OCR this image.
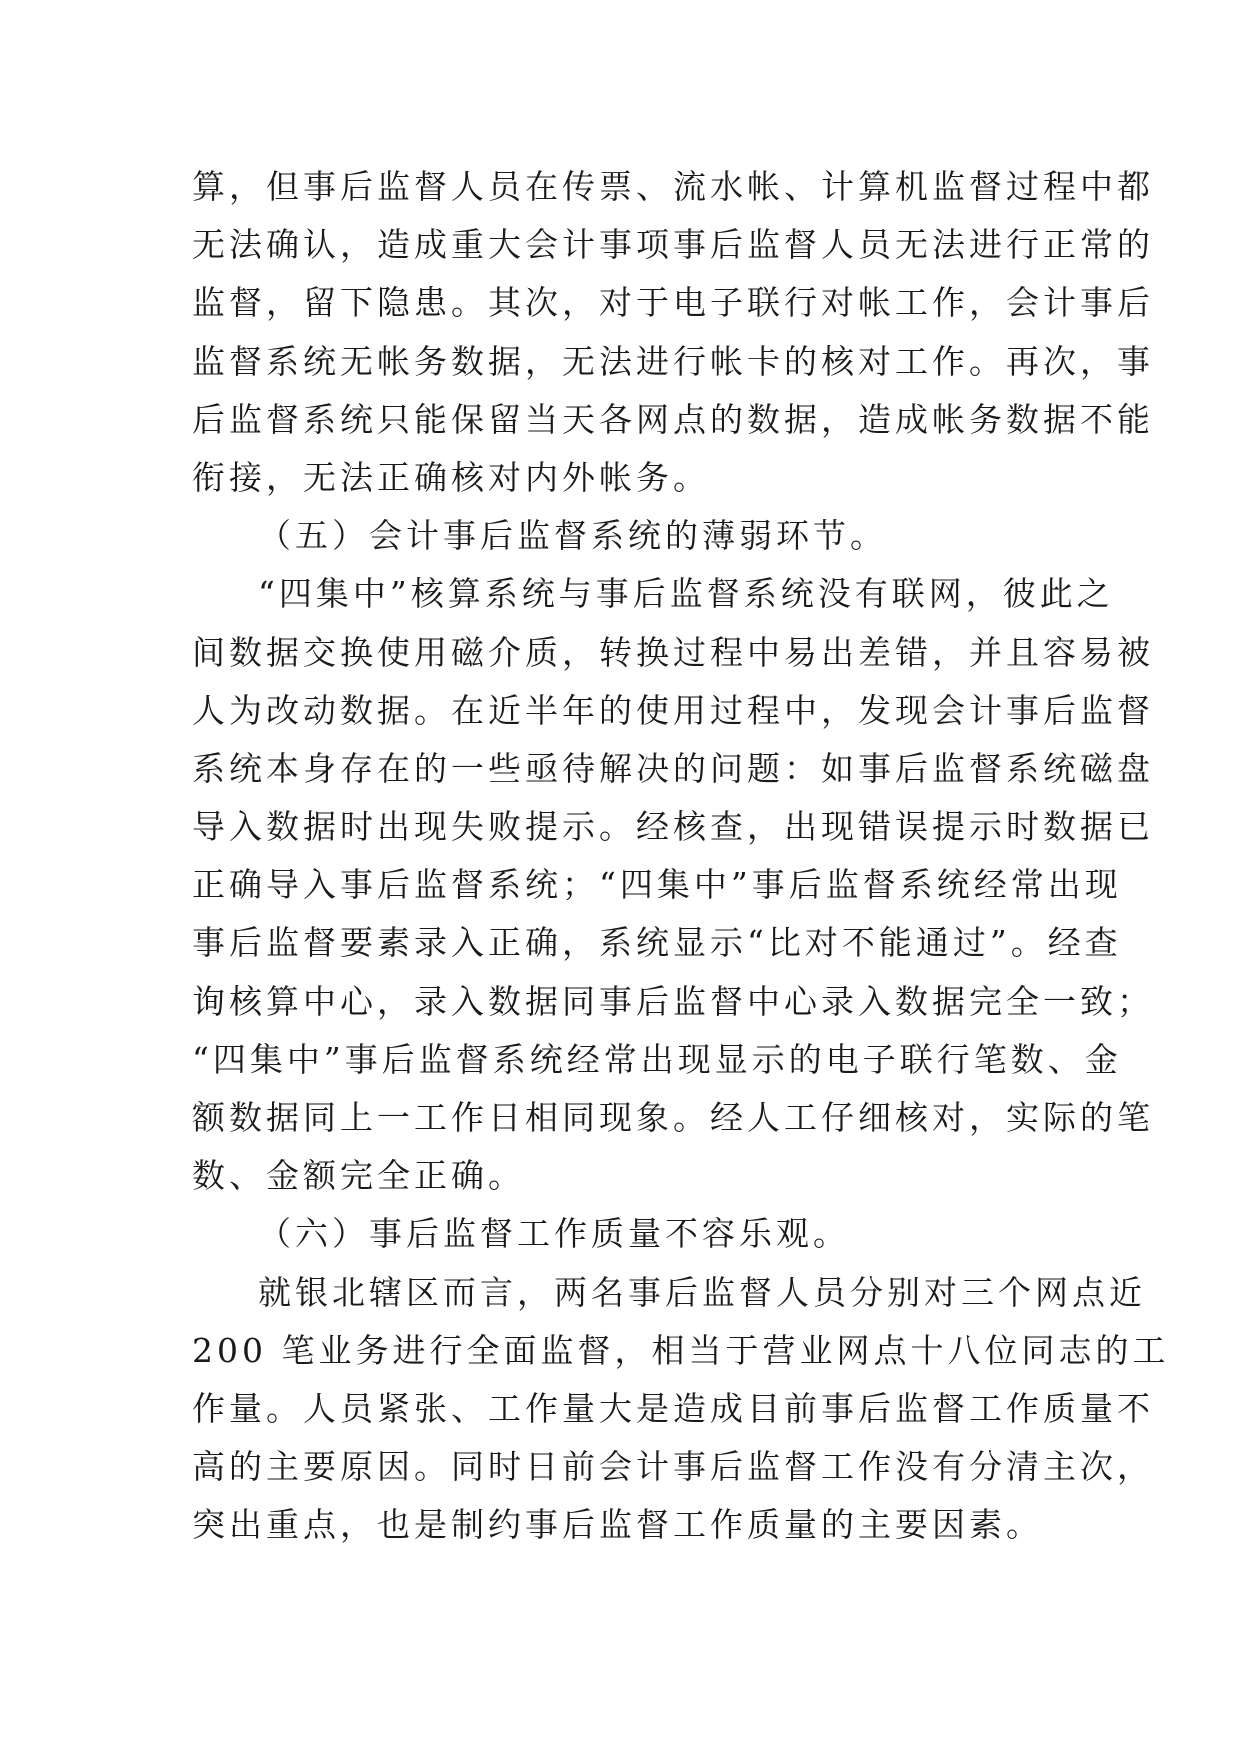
算，但事后监督人员在传票、流水帐、计算机监督过程中都
无法确认，造成重大会计事项事后监督人员无法进行正常的
监督，留下隐患。其次，对于电子联行对帐工作，会计事后
监督系统无帐务数据，无法进行帐卡的核对工作。再次，事
后监督系统只能保留当天各网点的数据，造成帐务数据不能
衔接，无法正确核对内外帐务。
（五）会计事后监督系统的薄弱环节。
“四集中”核算系统与事后监督系统没有联网，彼此之
间数据交换使用磁介质，转换过程中易出差错，并且容易被
人为改动数据。在近半年的使用过程中，发现会计事后监督
系统本身存在的一些亟待解决的问题：如事后监督系统磁盘
导入数据时出现失败提示。经核查，出现错误提示时数据已
正确导入事后监督系统；“四集中”事后监督系统经常出现
事后监督要素录入正确，系统显示“比对不能通过”。经查
询核算中心，录入数据同事后监督中心录入数据完全一致；
“四集中”事后监督系统经常出现显示的电子联行笔数、金
额数据同上一工作日相同现象。经人工仔细核对，实际的笔
数、金额完全正确。
（六）事后监督工作质量不容乐观。
就银北辖区而言，两名事后监督人员分别对三个网点近
200 笔业务进行全面监督，相当于营业网点十八位同志的工
作量。人员紧张、工作量大是造成目前事后监督工作质量不
高的主要原因。同时日前会计事后监督工作没有分清主次，
突出重点，也是制约事后监督工作质量的主要因素。
